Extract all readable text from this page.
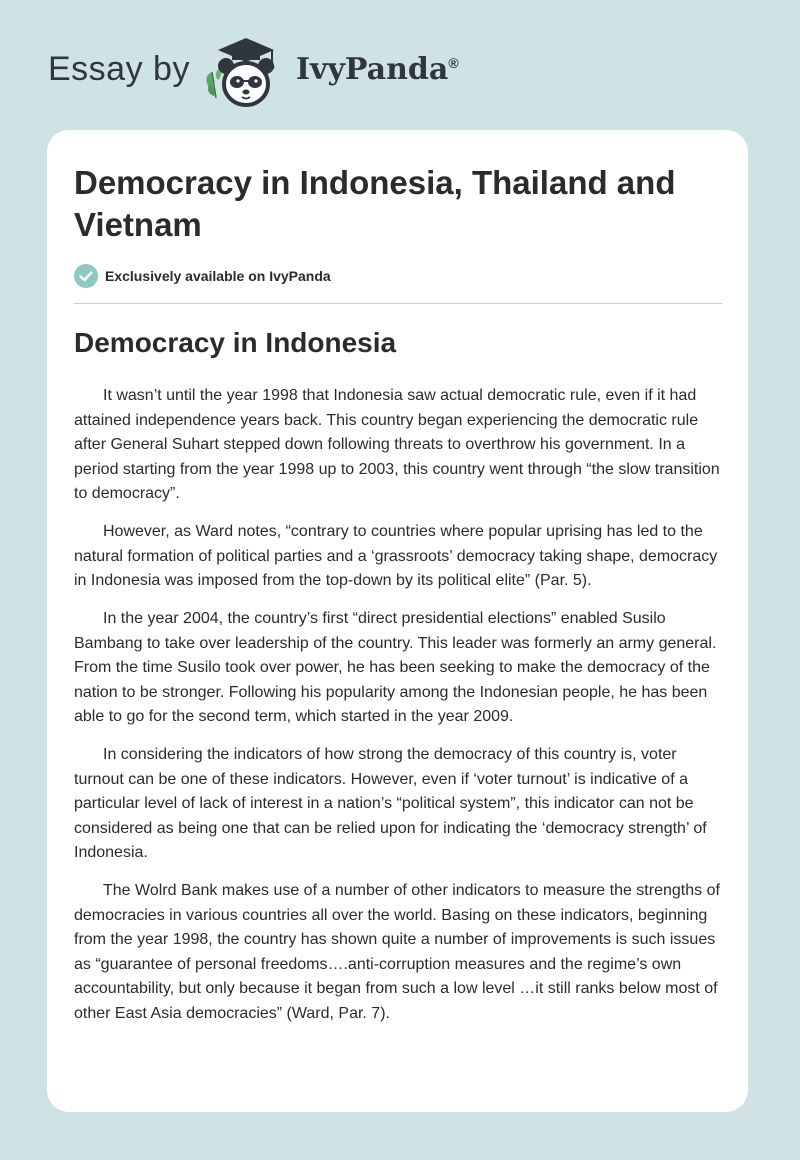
Essay by	IvyPanda®
Democracy in Indonesia, Thailand and Vietnam
Exclusively available on IvyPanda
Democracy in Indonesia

It wasn’t until the year 1998 that Indonesia saw actual democratic rule, even if it had attained independence years back. This country began experiencing the democratic rule after General Suhart stepped down following threats to overthrow his government. In a period starting from the year 1998 up to 2003, this country went through “the slow transition to democracy”.

However, as Ward notes, “contrary to countries where popular uprising has led to the natural formation of political parties and a ‘grassroots’ democracy taking shape, democracy in Indonesia was imposed from the top-down by its political elite” (Par. 5).

In the year 2004, the country’s first “direct presidential elections” enabled Susilo Bambang to take over leadership of the country. This leader was formerly an army general. From the time Susilo took over power, he has been seeking to make the democracy of the nation to be stronger. Following his popularity among the Indonesian people, he has been able to go for the second term, which started in the year 2009.

In considering the indicators of how strong the democracy of this country is, voter turnout can be one of these indicators. However, even if ‘voter turnout’ is indicative of a particular level of lack of interest in a nation’s “political system”, this indicator can not be considered as being one that can be relied upon for indicating the ‘democracy strength’ of Indonesia.

The Wolrd Bank makes use of a number of other indicators to measure the strengths of democracies in various countries all over the world. Basing on these indicators, beginning from the year 1998, the country has shown quite a number of improvements is such issues as “guarantee of personal freedoms….anti-corruption measures and the regime’s own accountability, but only because it began from such a low level …it still ranks below most of other East Asia democracies” (Ward, Par. 7).
